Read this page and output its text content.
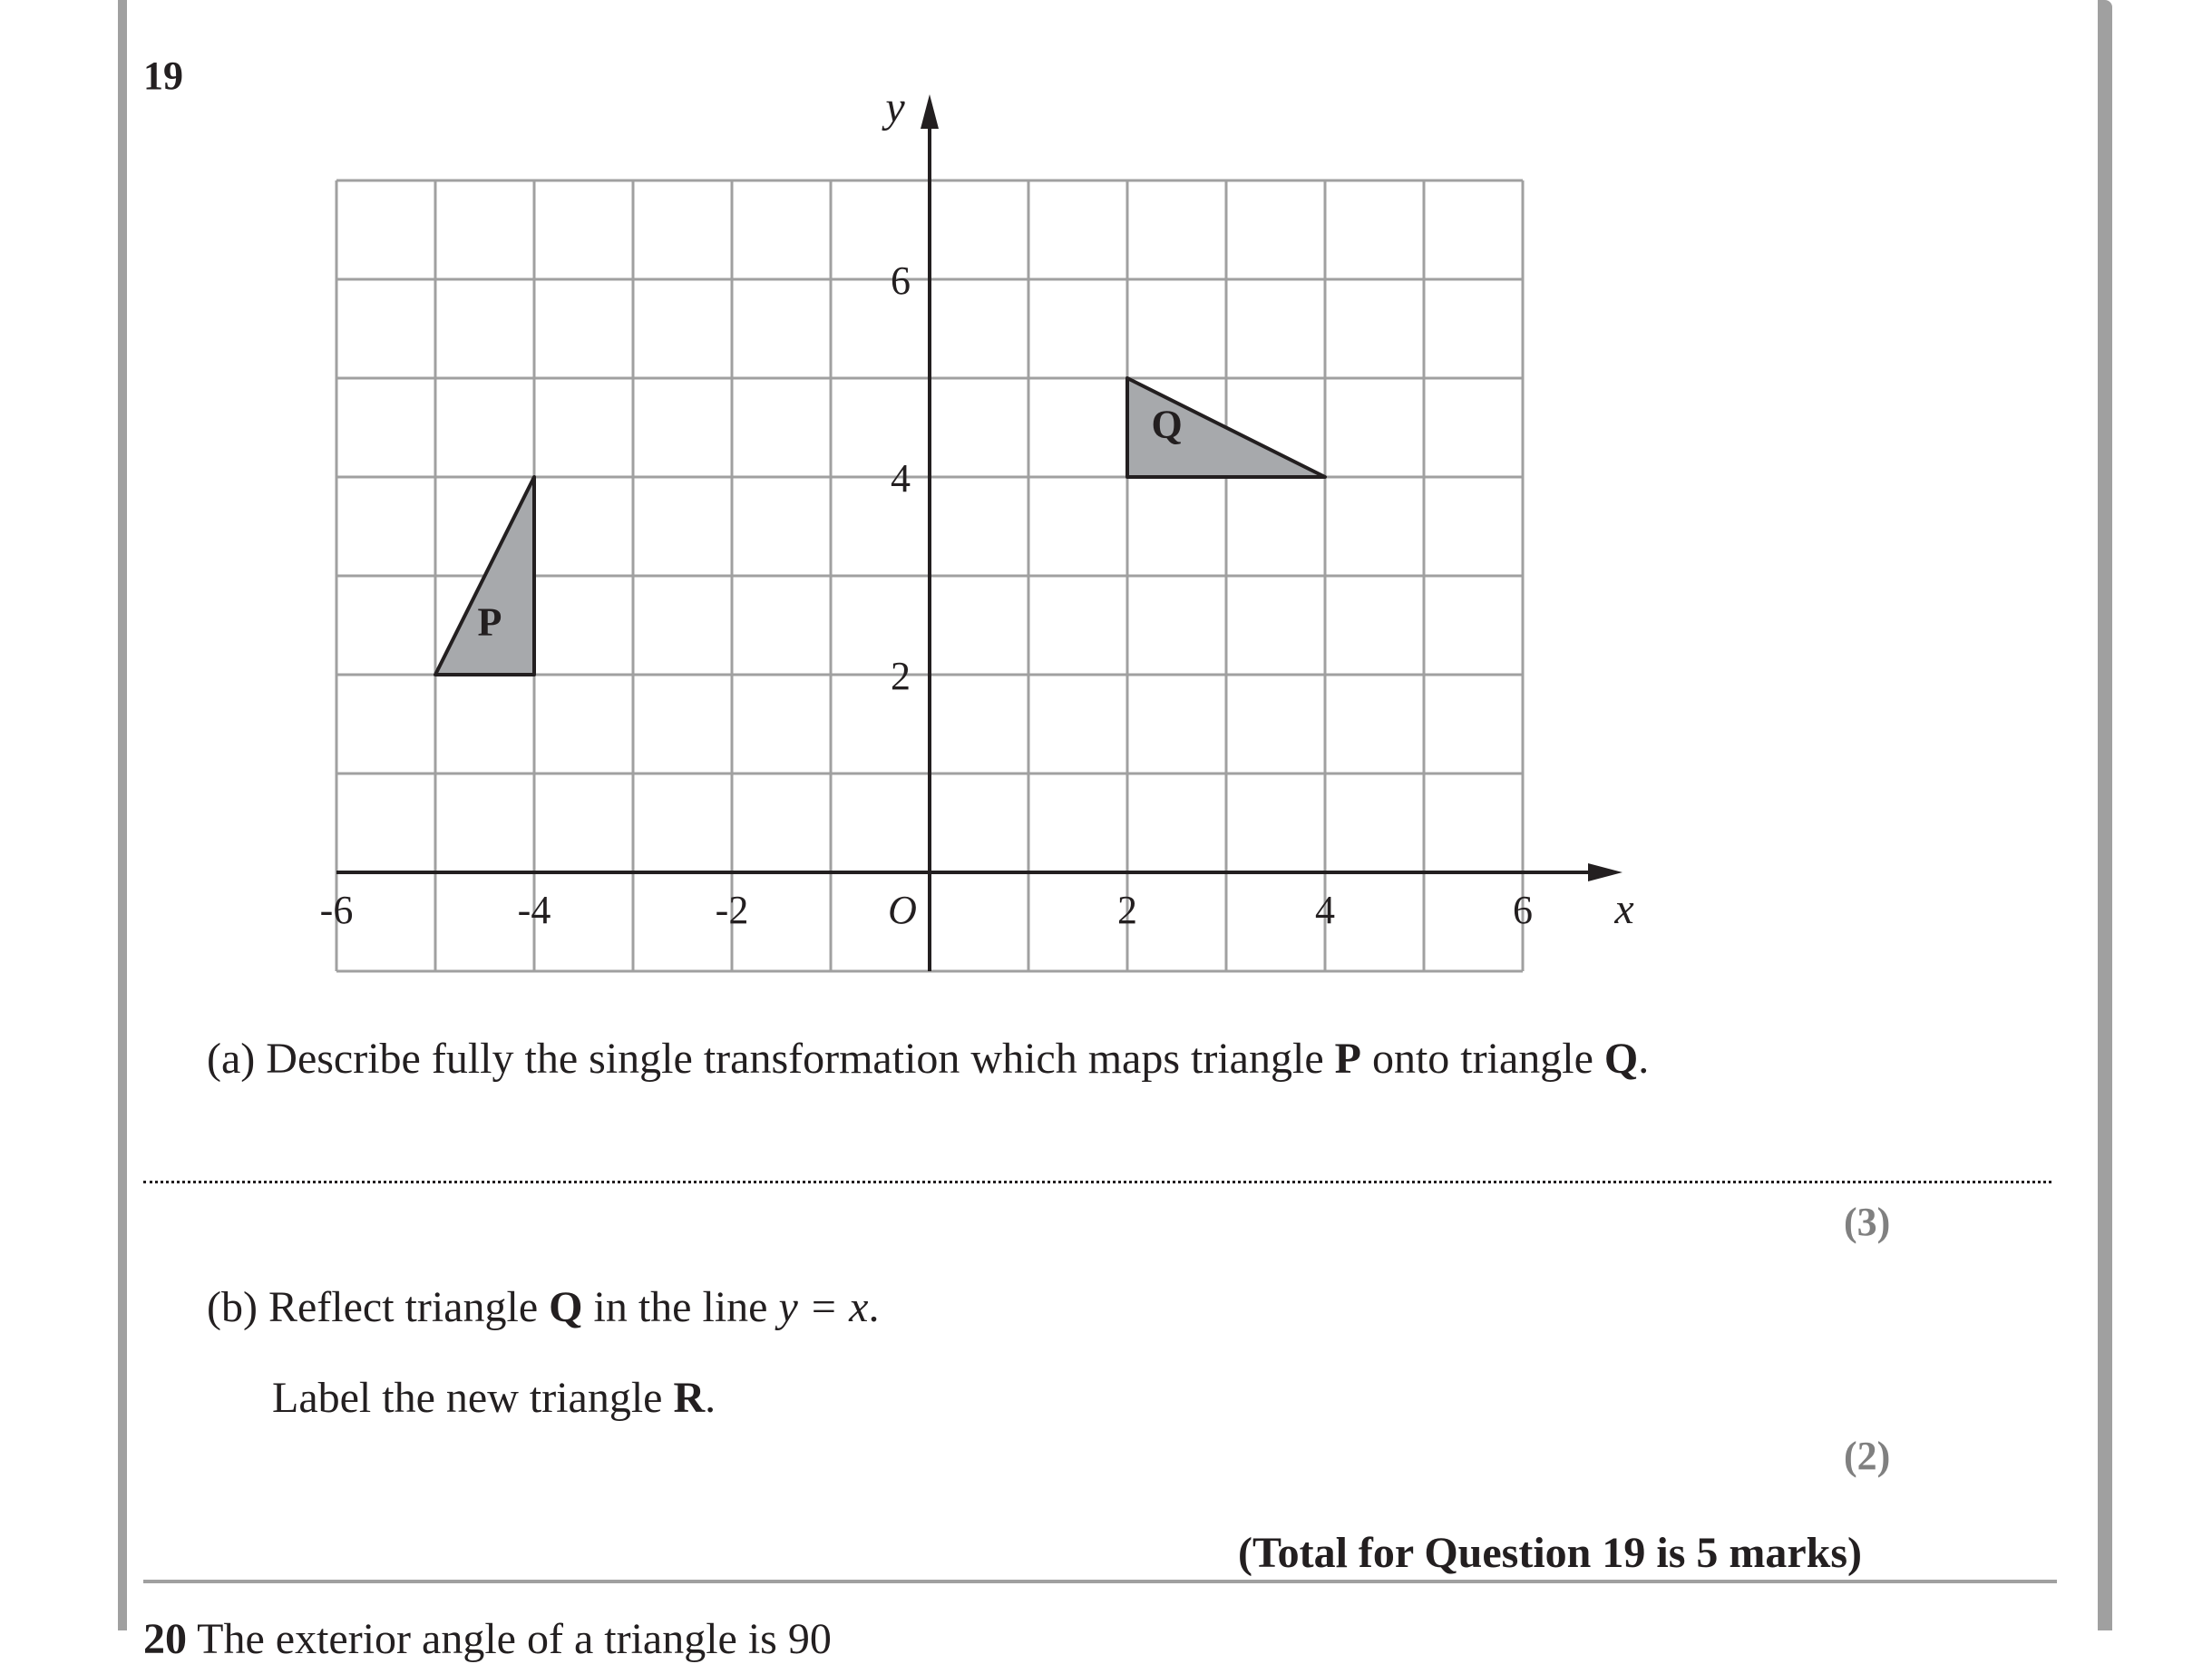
19
P
Q
-6	-4	-2	2	4	6
2
4
6
O	x
y
(a) Describe fully the single transformation which maps triangle P onto triangle Q.
(3)
(b) Reflect triangle Q in the line y = x.
Label the new triangle R.
(2)
(Total for Question 19 is 5 marks)
20 The exterior angle of a triangle is 90
